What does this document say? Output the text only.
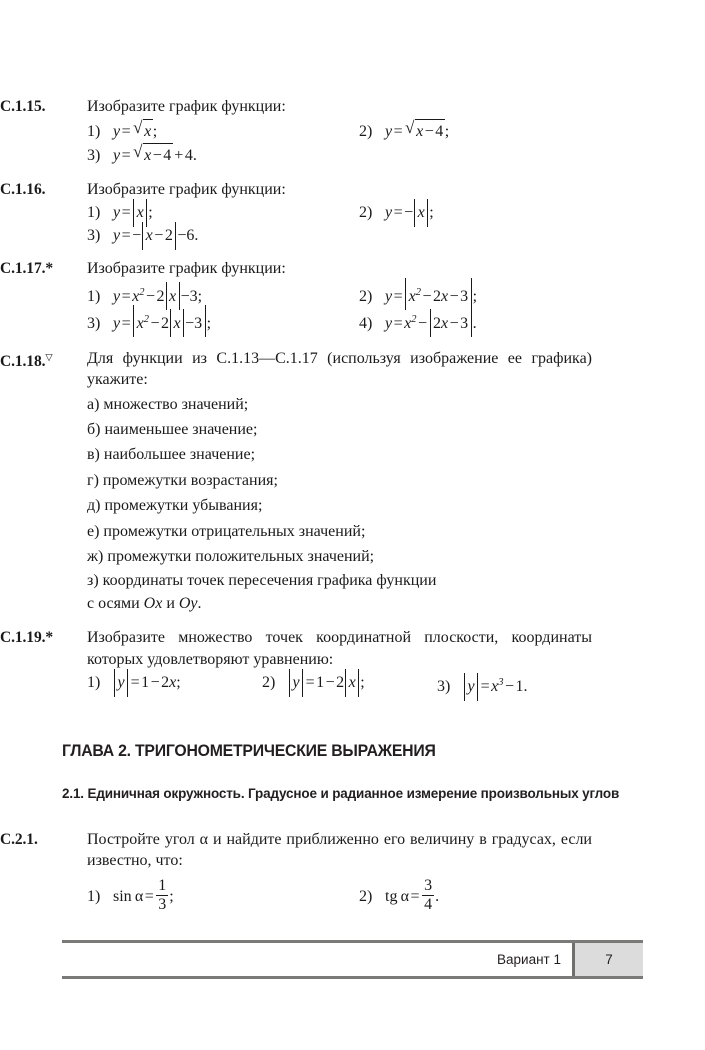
C.1.15.	Изобразите график функции:
1) y= √ x;	2) y= √ x−4;
3) y= √ x−4 +4.
C.1.16.	Изобразите график функции:
1) y= x ;	2) y=− x ;
3) y=− x−2 −6.
C.1.17.*	Изобразите график функции:
1) $y=x^2-2$ x −3;	2) $y= x^2-2x-3$ ;
3) $y= x^2-2$ x −3 ;	4) $y=x^2- 2x-3$ .
C.1.18.▽	Для функции из C.1.13—C.1.17 (используя изображение ее графика) укажите:
а) множество значений;
б) наименьшее значение;
в) наибольшее значение;
г) промежутки возрастания;
д) промежутки убывания;
е) промежутки отрицательных значений;
ж) промежутки положительных значений;
з) координаты точек пересечения графика функции
с осями Ox и Oy.
C.1.19.*	Изобразите множество точек координатной плоскости, координаты которых удовлетворяют уравнению:
1)	y =1−2x;	2)	y =1−2 x ;	3)	$y =x^3-1$.
ГЛАВА 2. ТРИГОНОМЕТРИЧЕСКИЕ ВЫРАЖЕНИЯ
2.1. Единичная окружность. Градусное и радианное измерение произвольных углов
C.2.1.	Постройте угол α и найдите приближенно его величину в градусах, если известно, что:
1) $\sin \alpha= \frac{1}{3}$ ;	2) tg  $\alpha= \frac{3}{4}$ .
Вариант 1	7
